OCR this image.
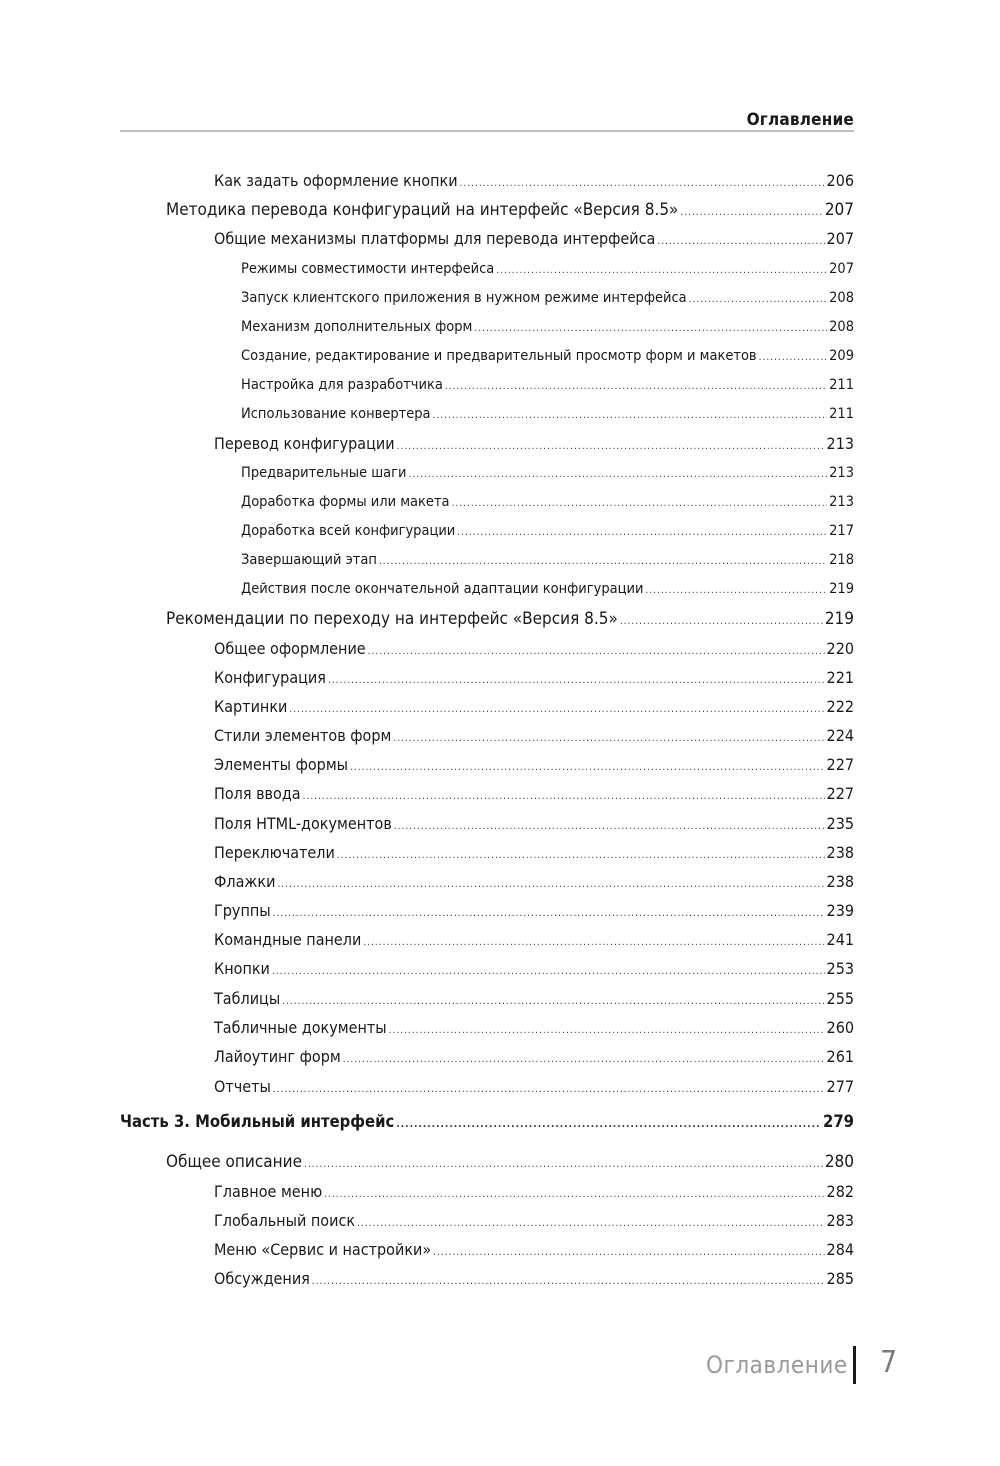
Оглавление
Как задать оформление кнопки .....	206
Методика перевода конфигураций на интерфейс «Версия 8.5» .....	207
Общие механизмы платформы для перевода интерфейса .....	207
Режимы совместимости интерфейса .....	207
Запуск клиентского приложения в нужном режиме интерфейса .....	208
Механизм дополнительных форм .....	208
Создание, редактирование и предварительный просмотр форм и макетов .....	209
Настройка для разработчика .....	211
Использование конвертера .....	211
Перевод конфигурации .....	213
Предварительные шаги .....	213
Доработка формы или макета .....	213
Доработка всей конфигурации .....	217
Завершающий этап .....	218
Действия после окончательной адаптации конфигурации .....	219
Рекомендации по переходу на интерфейс «Версия 8.5» .....	219
Общее оформление .....	220
Конфигурация .....	221
Картинки .....	222
Стили элементов форм .....	224
Элементы формы .....	227
Поля ввода .....	227
Поля HTML-документов .....	235
Переключатели .....	238
Флажки .....	238
Группы .....	239
Командные панели .....	241
Кнопки .....	253
Таблицы .....	255
Табличные документы .....	260
Лайоутинг форм .....	261
Отчеты .....	277
Часть 3. Мобильный интерфейс .....	279
Общее описание .....	280
Главное меню .....	282
Глобальный поиск .....	283
Меню «Сервис и настройки» .....	284
Обсуждения .....	285
Оглавление 7
